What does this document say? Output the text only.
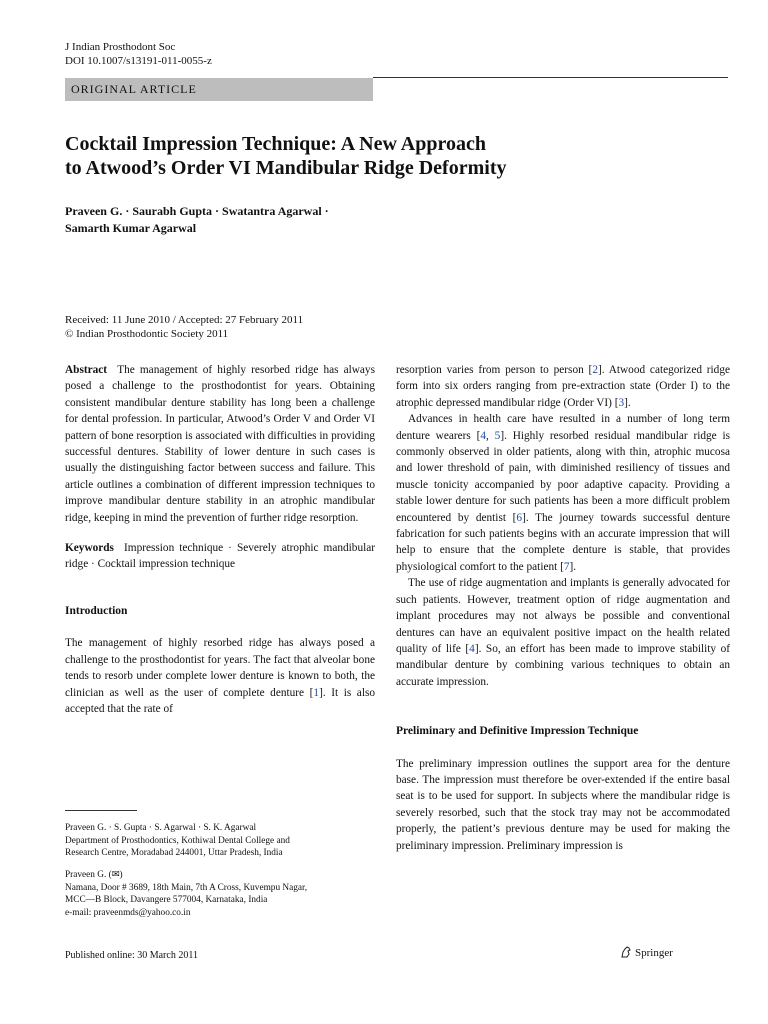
J Indian Prosthodont Soc
DOI 10.1007/s13191-011-0055-z
ORIGINAL ARTICLE
Cocktail Impression Technique: A New Approach
to Atwood’s Order VI Mandibular Ridge Deformity
Praveen G. · Saurabh Gupta · Swatantra Agarwal ·
Samarth Kumar Agarwal
Received: 11 June 2010 / Accepted: 27 February 2011
© Indian Prosthodontic Society 2011

Abstract The management of highly resorbed ridge has always posed a challenge to the prosthodontist for years. Obtaining consistent mandibular denture stability has long been a challenge for dental profession. In particular, Atwood’s Order V and Order VI pattern of bone resorption is associated with difficulties in providing successful dentures. Stability of lower denture in such cases is usually the distinguishing factor between success and failure. This article outlines a combination of different impression techniques to improve mandibular denture stability in an atrophic mandibular ridge, keeping in mind the prevention of further ridge resorption.

Keywords Impression technique · Severely atrophic mandibular ridge · Cocktail impression technique

Introduction

The management of highly resorbed ridge has always posed a challenge to the prosthodontist for years. The fact that alveolar bone tends to resorb under complete lower denture is known to both, the clinician as well as the user of complete denture [1]. It is also accepted that the rate of

Praveen G. · S. Gupta · S. Agarwal · S. K. Agarwal
Department of Prosthodontics, Kothiwal Dental College and
Research Centre, Moradabad 244001, Uttar Pradesh, India
Praveen G. (✉)
Namana, Door # 3689, 18th Main, 7th A Cross, Kuvempu Nagar,
MCC—B Block, Davangere 577004, Karnataka, India
e-mail: praveenmds@yahoo.co.in

resorption varies from person to person [2]. Atwood categorized ridge form into six orders ranging from pre-extraction state (Order I) to the atrophic depressed mandibular ridge (Order VI) [3].

Advances in health care have resulted in a number of long term denture wearers [4, 5]. Highly resorbed residual mandibular ridge is commonly observed in older patients, along with thin, atrophic mucosa and lower threshold of pain, with diminished resiliency of tissues and muscle tonicity accompanied by poor adaptive capacity. Providing a stable lower denture for such patients has been a more difficult problem encountered by dentist [6]. The journey towards successful denture fabrication for such patients begins with an accurate impression that will help to ensure that the complete denture is stable, that provides physiological comfort to the patient [7].

The use of ridge augmentation and implants is generally advocated for such patients. However, treatment option of ridge augmentation and implant procedures may not always be possible and conventional dentures can have an equivalent positive impact on the health related quality of life [4]. So, an effort has been made to improve stability of mandibular denture by combining various techniques to obtain an accurate impression.

Preliminary and Definitive Impression Technique

The preliminary impression outlines the support area for the denture base. The impression must therefore be over-extended if the entire basal seat is to be used for support. In subjects where the mandibular ridge is severely resorbed, such that the stock tray may not be accommodated properly, the patient’s previous denture may be used for making the preliminary impression. Preliminary impression is

Published online: 30 March 2011	Springer
